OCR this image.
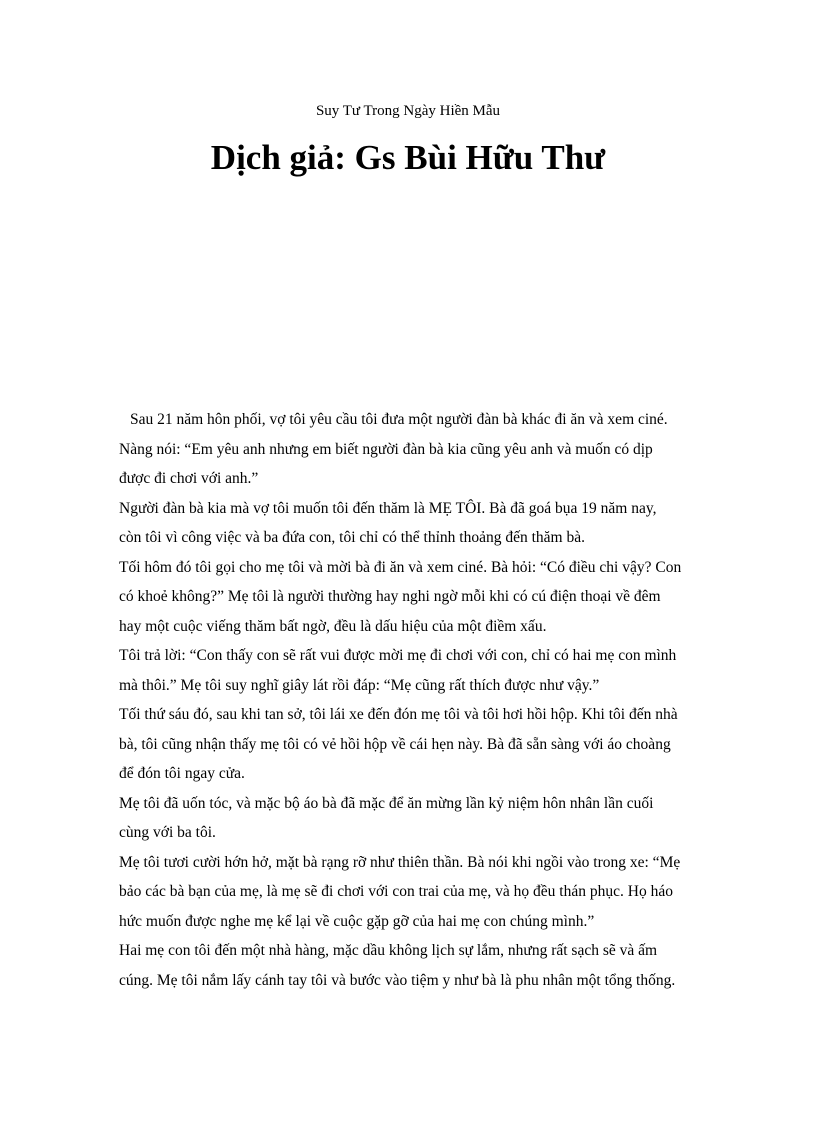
Suy Tư Trong Ngày Hiền Mẫu
Dịch giả: Gs Bùi Hữu Thư
Sau 21 năm hôn phối, vợ tôi yêu cầu tôi đưa một người đàn bà khác đi ăn và xem ciné.
Nàng nói: “Em yêu anh nhưng em biết người đàn bà kia cũng yêu anh và muốn có dịp
được đi chơi với anh.”
Người đàn bà kia mà vợ tôi muốn tôi đến thăm là MẸ TÔI. Bà đã goá bụa 19 năm nay,
còn tôi vì công việc và ba đứa con, tôi chỉ có thể thỉnh thoảng đến thăm bà.
Tối hôm đó tôi gọi cho mẹ tôi và mời bà đi ăn và xem ciné. Bà hỏi: “Có điều chi vậy? Con
có khoẻ không?” Mẹ tôi là người thường hay nghi ngờ mỗi khi có cú điện thoại về đêm
hay một cuộc viếng thăm bất ngờ, đều là dấu hiệu của một điềm xấu.
Tôi trả lời: “Con thấy con sẽ rất vui được mời mẹ đi chơi với con, chỉ có hai mẹ con mình
mà thôi.” Mẹ tôi suy nghĩ giây lát rồi đáp: “Mẹ cũng rất thích được như vậy.”
Tối thứ sáu đó, sau khi tan sở, tôi lái xe đến đón mẹ tôi và tôi hơi hồi hộp. Khi tôi đến nhà
bà, tôi cũng nhận thấy mẹ tôi có vẻ hồi hộp về cái hẹn này. Bà đã sẵn sàng với áo choàng
để đón tôi ngay cửa.
Mẹ tôi đã uốn tóc, và mặc bộ áo bà đã mặc để ăn mừng lần kỷ niệm hôn nhân lần cuối
cùng với ba tôi.
Mẹ tôi tươi cười hớn hở, mặt bà rạng rỡ như thiên thần. Bà nói khi ngồi vào trong xe: “Mẹ
bảo các bà bạn của mẹ, là mẹ sẽ đi chơi với con trai của mẹ, và họ đều thán phục. Họ háo
hức muốn được nghe mẹ kể lại về cuộc gặp gỡ của hai mẹ con chúng mình.”
Hai mẹ con tôi đến một nhà hàng, mặc dầu không lịch sự lắm, nhưng rất sạch sẽ và ấm
cúng. Mẹ tôi nắm lấy cánh tay tôi và bước vào tiệm y như bà là phu nhân một tổng thống.
